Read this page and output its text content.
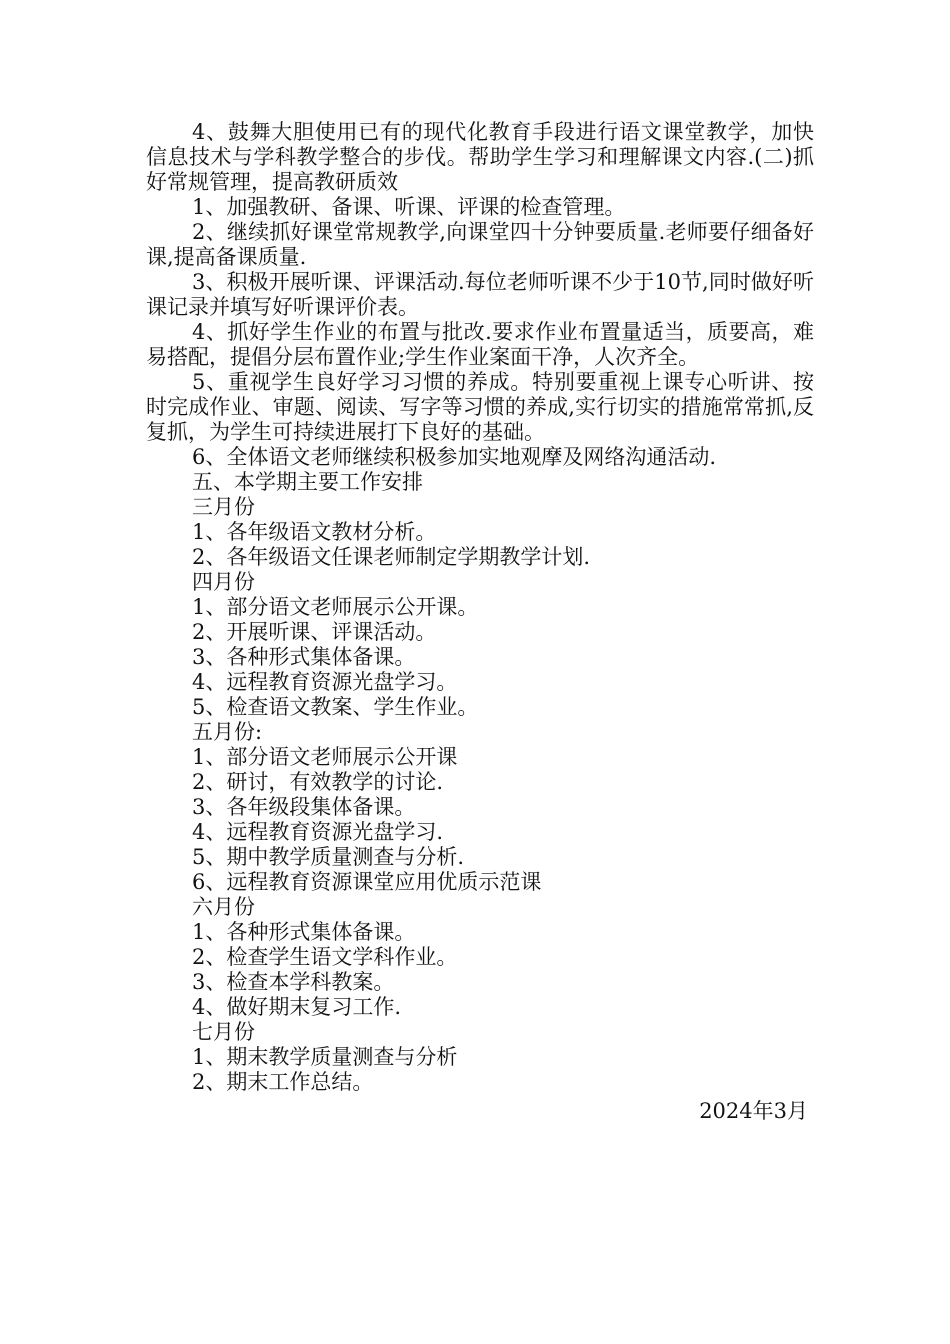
4、鼓舞大胆使用已有的现代化教育手段进行语文课堂教学，加快信息技术与学科教学整合的步伐。帮助学生学习和理解课文内容.(二)抓好常规管理，提高教研质效

1、加强教研、备课、听课、评课的检查管理。

2、继续抓好课堂常规教学,向课堂四十分钟要质量.老师要仔细备好课,提高备课质量.

3、积极开展听课、评课活动.每位老师听课不少于10节,同时做好听课记录并填写好听课评价表。

4、抓好学生作业的布置与批改.要求作业布置量适当，质要高，难易搭配，提倡分层布置作业;学生作业案面干净，人次齐全。

5、重视学生良好学习习惯的养成。特别要重视上课专心听讲、按时完成作业、审题、阅读、写字等习惯的养成,实行切实的措施常常抓,反复抓，为学生可持续进展打下良好的基础。

6、全体语文老师继续积极参加实地观摩及网络沟通活动.

五、本学期主要工作安排

三月份

1、各年级语文教材分析。

2、各年级语文任课老师制定学期教学计划.

四月份

1、部分语文老师展示公开课。

2、开展听课、评课活动。

3、各种形式集体备课。

4、远程教育资源光盘学习。

5、检查语文教案、学生作业。

五月份:

1、部分语文老师展示公开课

2、研讨，有效教学的讨论.

3、各年级段集体备课。

4、远程教育资源光盘学习.

5、期中教学质量测查与分析.

6、远程教育资源课堂应用优质示范课

六月份

1、各种形式集体备课。

2、检查学生语文学科作业。

3、检查本学科教案。

4、做好期末复习工作.

七月份

1、期末教学质量测查与分析

2、期末工作总结。

2024年3月
